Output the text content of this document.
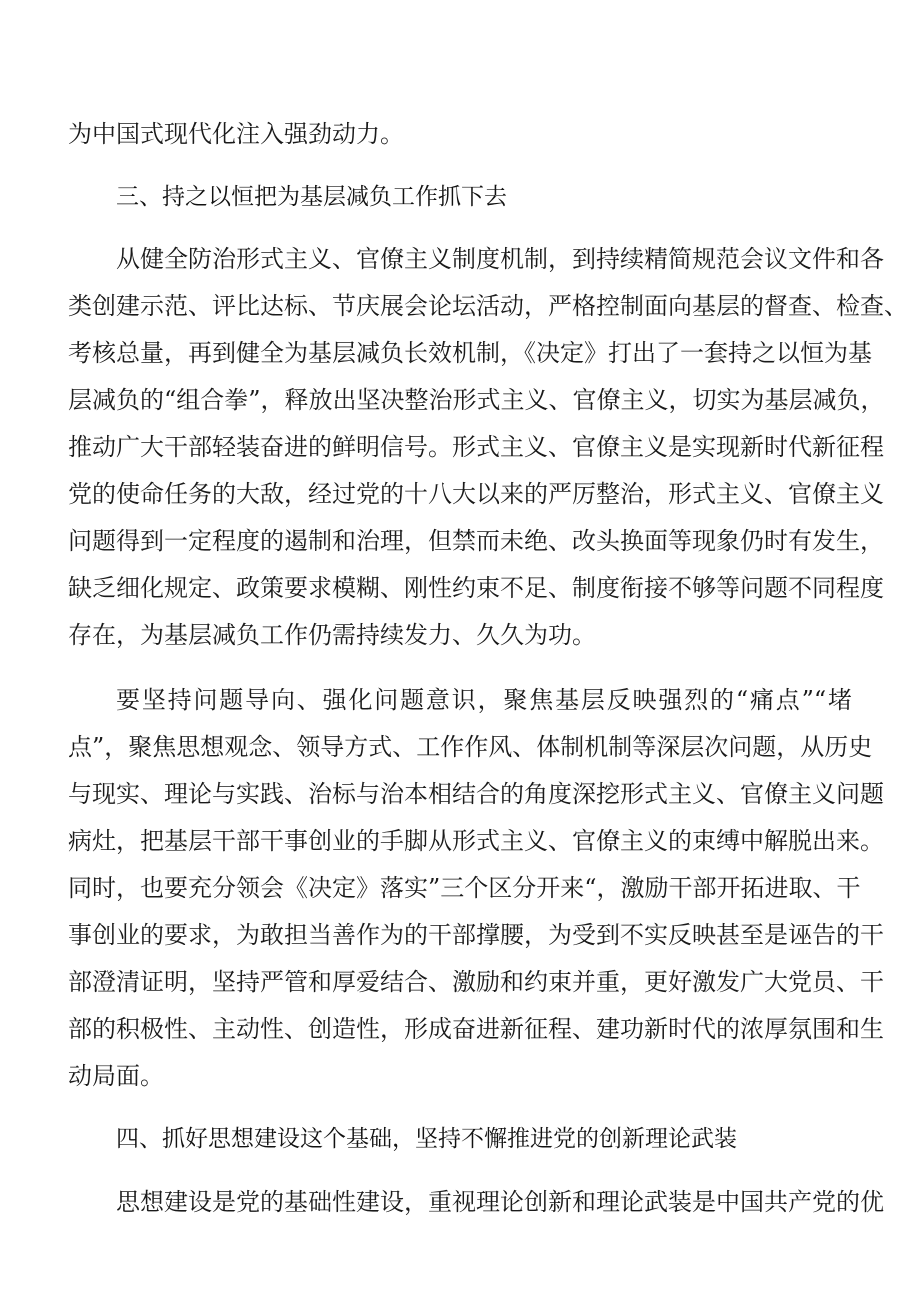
为中国式现代化注入强劲动力。
三、持之以恒把为基层减负工作抓下去
从健全防治形式主义、官僚主义制度机制，到持续精简规范会议文件和各
类创建示范、评比达标、节庆展会论坛活动，严格控制面向基层的督查、检查、
考核总量，再到健全为基层减负长效机制，《决定》打出了一套持之以恒为基
层减负的“组合拳”，释放出坚决整治形式主义、官僚主义，切实为基层减负，
推动广大干部轻装奋进的鲜明信号。形式主义、官僚主义是实现新时代新征程
党的使命任务的大敌，经过党的十八大以来的严厉整治，形式主义、官僚主义
问题得到一定程度的遏制和治理，但禁而未绝、改头换面等现象仍时有发生，
缺乏细化规定、政策要求模糊、刚性约束不足、制度衔接不够等问题不同程度
存在，为基层减负工作仍需持续发力、久久为功。
要坚持问题导向、强化问题意识，聚焦基层反映强烈的“痛点”“堵
点”，聚焦思想观念、领导方式、工作作风、体制机制等深层次问题，从历史
与现实、理论与实践、治标与治本相结合的角度深挖形式主义、官僚主义问题
病灶，把基层干部干事创业的手脚从形式主义、官僚主义的束缚中解脱出来。
同时，也要充分领会《决定》落实”三个区分开来“，激励干部开拓进取、干
事创业的要求，为敢担当善作为的干部撑腰，为受到不实反映甚至是诬告的干
部澄清证明，坚持严管和厚爱结合、激励和约束并重，更好激发广大党员、干
部的积极性、主动性、创造性，形成奋进新征程、建功新时代的浓厚氛围和生
动局面。
四、抓好思想建设这个基础，坚持不懈推进党的创新理论武装
思想建设是党的基础性建设，重视理论创新和理论武装是中国共产党的优
